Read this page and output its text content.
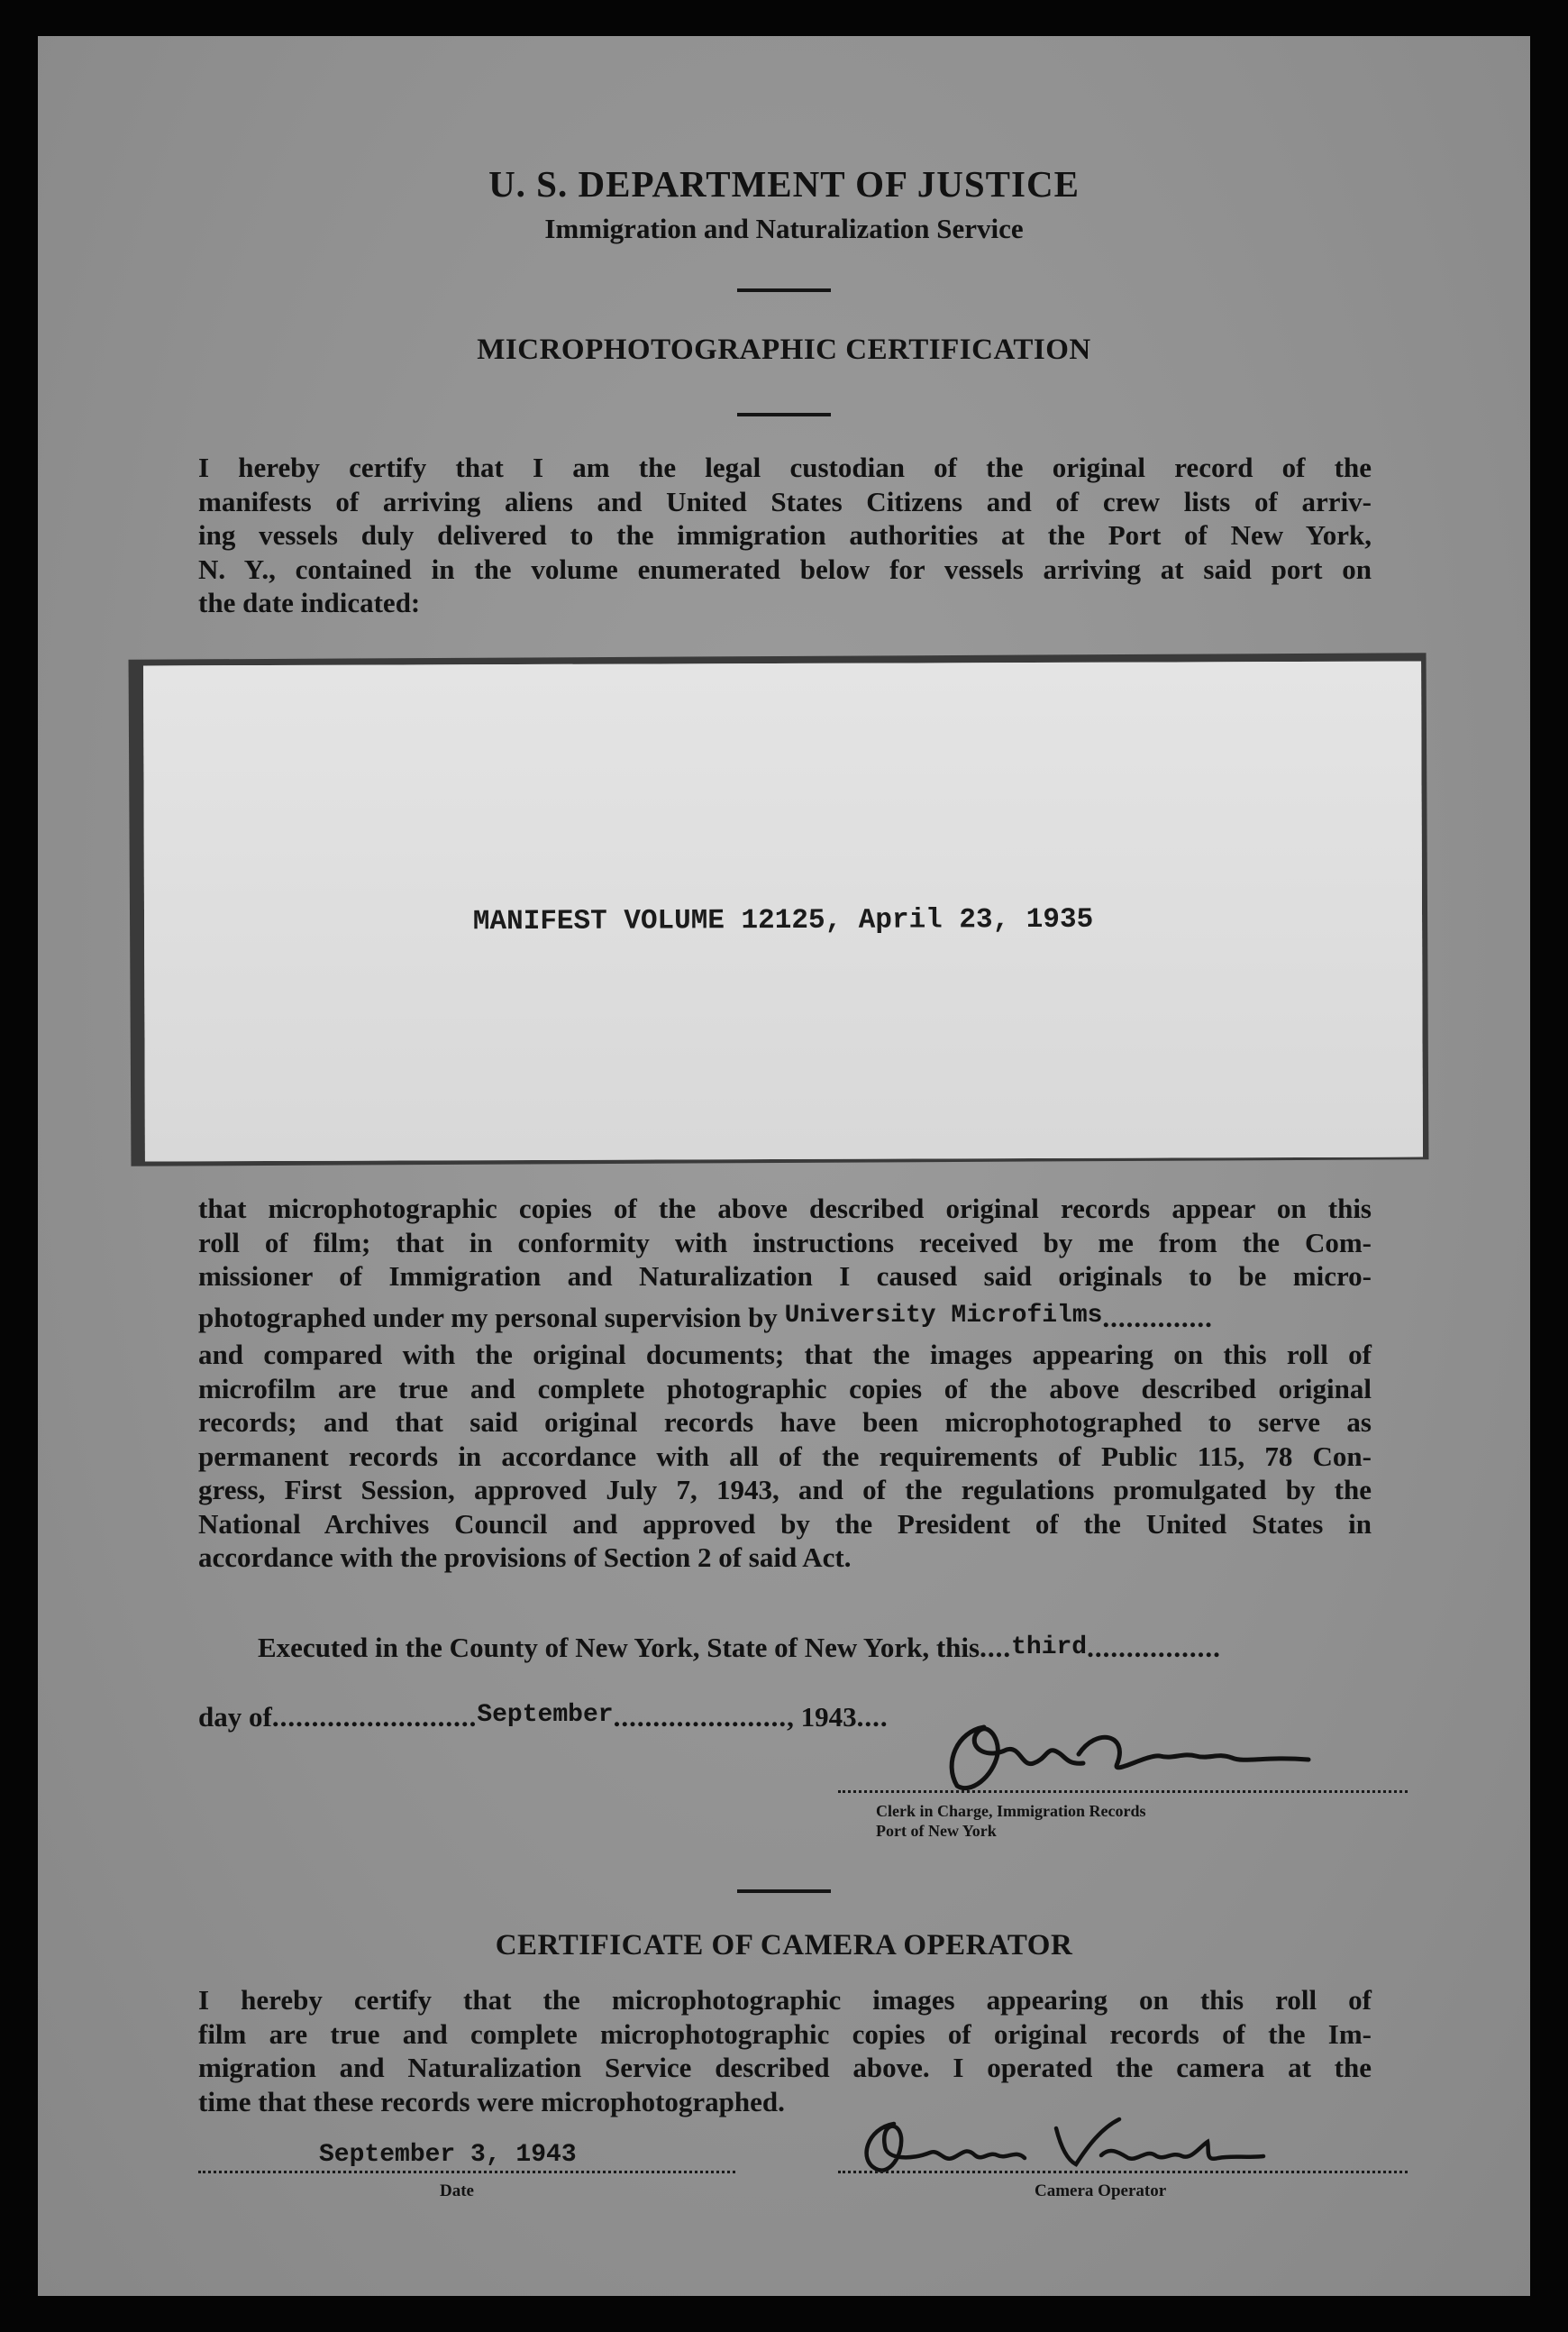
U. S. DEPARTMENT OF JUSTICE
Immigration and Naturalization Service
MICROPHOTOGRAPHIC CERTIFICATION
I hereby certify that I am the legal custodian of the original record of the
manifests of arriving aliens and United States Citizens and of crew lists of arriv-
ing vessels duly delivered to the immigration authorities at the Port of New York,
N. Y., contained in the volume enumerated below for vessels arriving at said port on
the date indicated:
MANIFEST VOLUME 12125, April 23, 1935
that microphotographic copies of the above described original records appear on this
roll of film; that in conformity with instructions received by me from the Com-
missioner of Immigration and Naturalization I caused said originals to be micro-
photographed under my personal supervision by University Microfilms..............
and compared with the original documents; that the images appearing on this roll of
microfilm are true and complete photographic copies of the above described original
records; and that said original records have been microphotographed to serve as
permanent records in accordance with all of the requirements of Public 115, 78 Con-
gress, First Session, approved July 7, 1943, and of the regulations promulgated by the
National Archives Council and approved by the President of the United States in
accordance with the provisions of Section 2 of said Act.
Executed in the County of New York, State of New York, this....third.................
day of..........................September......................, 1943....
Clerk in Charge, Immigration Records
Port of New York
CERTIFICATE OF CAMERA OPERATOR
I hereby certify that the microphotographic images appearing on this roll of
film are true and complete microphotographic copies of original records of the Im-
migration and Naturalization Service described above. I operated the camera at the
time that these records were microphotographed.
September 3, 1943
Date	Camera Operator
